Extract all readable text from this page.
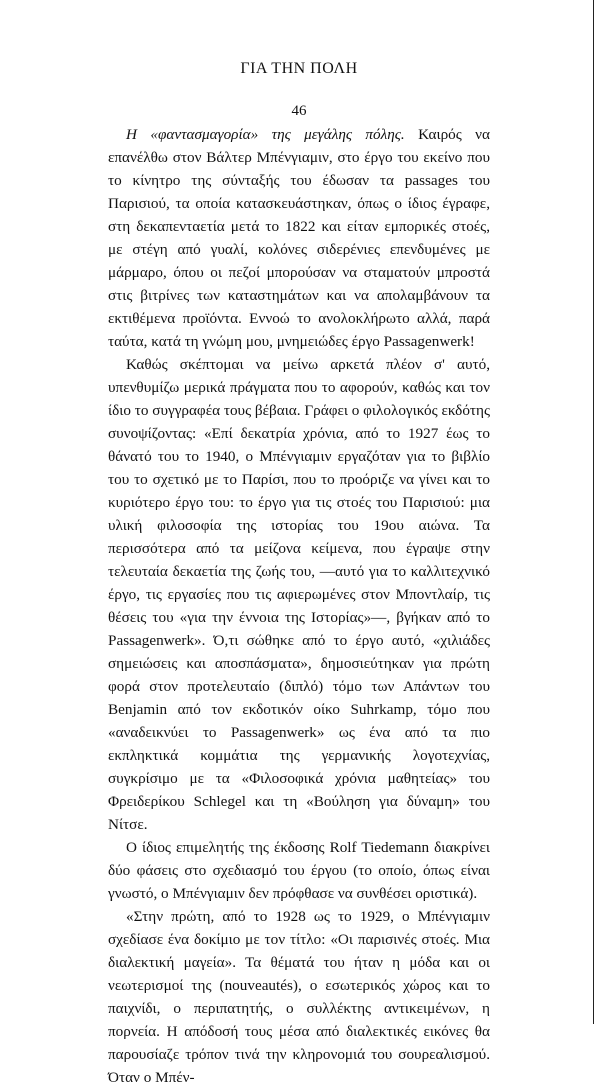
ΓΙΑ ΤΗΝ ΠΟΛΗ
46

Η «φαντασμαγορία» της μεγάλης πόλης. Καιρός να επανέλθω στον Βάλτερ Μπένγιαμιν, στο έργο του εκείνο που το κίνητρο της σύνταξής του έδωσαν τα passages του Παρισιού, τα οποία κατασκευάστηκαν, όπως ο ίδιος έγραφε, στη δεκαπενταετία μετά το 1822 και είταν εμπορικές στοές, με στέγη από γυαλί, κολόνες σιδερένιες επενδυμένες με μάρμαρο, όπου οι πεζοί μπορούσαν να σταματούν μπροστά στις βιτρίνες των καταστημάτων και να απολαμβάνουν τα εκτιθέμενα προϊόντα. Εννοώ το ανολοκλήρωτο αλλά, παρά ταύτα, κατά τη γνώμη μου, μνημειώδες έργο Passagenwerk!

Καθώς σκέπτομαι να μείνω αρκετά πλέον σ' αυτό, υπενθυμίζω μερικά πράγματα που το αφορούν, καθώς και τον ίδιο το συγγραφέα τους βέβαια. Γράφει ο φιλολογικός εκδότης συνοψίζοντας: «Επί δεκατρία χρόνια, από το 1927 έως το θάνατό του το 1940, ο Μπένγιαμιν εργαζόταν για το βιβλίο του το σχετικό με το Παρίσι, που το προόριζε να γίνει και το κυριότερο έργο του: το έργο για τις στοές του Παρισιού: μια υλική φιλοσοφία της ιστορίας του 19ου αιώνα. Τα περισσότερα από τα μείζονα κείμενα, που έγραψε στην τελευταία δεκαετία της ζωής του, —αυτό για το καλλιτεχνικό έργο, τις εργασίες που τις αφιερωμένες στον Μποντλαίρ, τις θέσεις του «για την έννοια της Ιστορίας»—, βγήκαν από το Passagenwerk». Ό,τι σώθηκε από το έργο αυτό, «χιλιάδες σημειώσεις και αποσπάσματα», δημοσιεύτηκαν για πρώτη φορά στον προτελευταίο (διπλό) τόμο των Απάντων του Benjamin από τον εκδοτικόν οίκο Suhrkamp, τόμο που «αναδεικνύει το Passagenwerk» ως ένα από τα πιο εκπληκτικά κομμάτια της γερμανικής λογοτεχνίας, συγκρίσιμο με τα «Φιλοσοφικά χρόνια μαθητείας» του Φρειδερίκου Schlegel και τη «Βούληση για δύναμη» του Νίτσε.

Ο ίδιος επιμελητής της έκδοσης Rolf Tiedemann διακρίνει δύο φάσεις στο σχεδιασμό του έργου (το οποίο, όπως είναι γνωστό, ο Μπένγιαμιν δεν πρόφθασε να συνθέσει οριστικά).

«Στην πρώτη, από το 1928 ως το 1929, ο Μπένγιαμιν σχεδίασε ένα δοκίμιο με τον τίτλο: «Οι παρισινές στοές. Μια διαλεκτική μαγεία». Τα θέματά του ήταν η μόδα και οι νεωτερισμοί της (nouveautés), ο εσωτερικός χώρος και το παιχνίδι, ο περιπατητής, ο συλλέκτης αντικειμένων, η πορνεία. Η απόδοσή τους μέσα από διαλεκτικές εικόνες θα παρουσίαζε τρόπον τινά την κληρονομιά του σουρεαλισμού. Όταν ο Μπέν-
